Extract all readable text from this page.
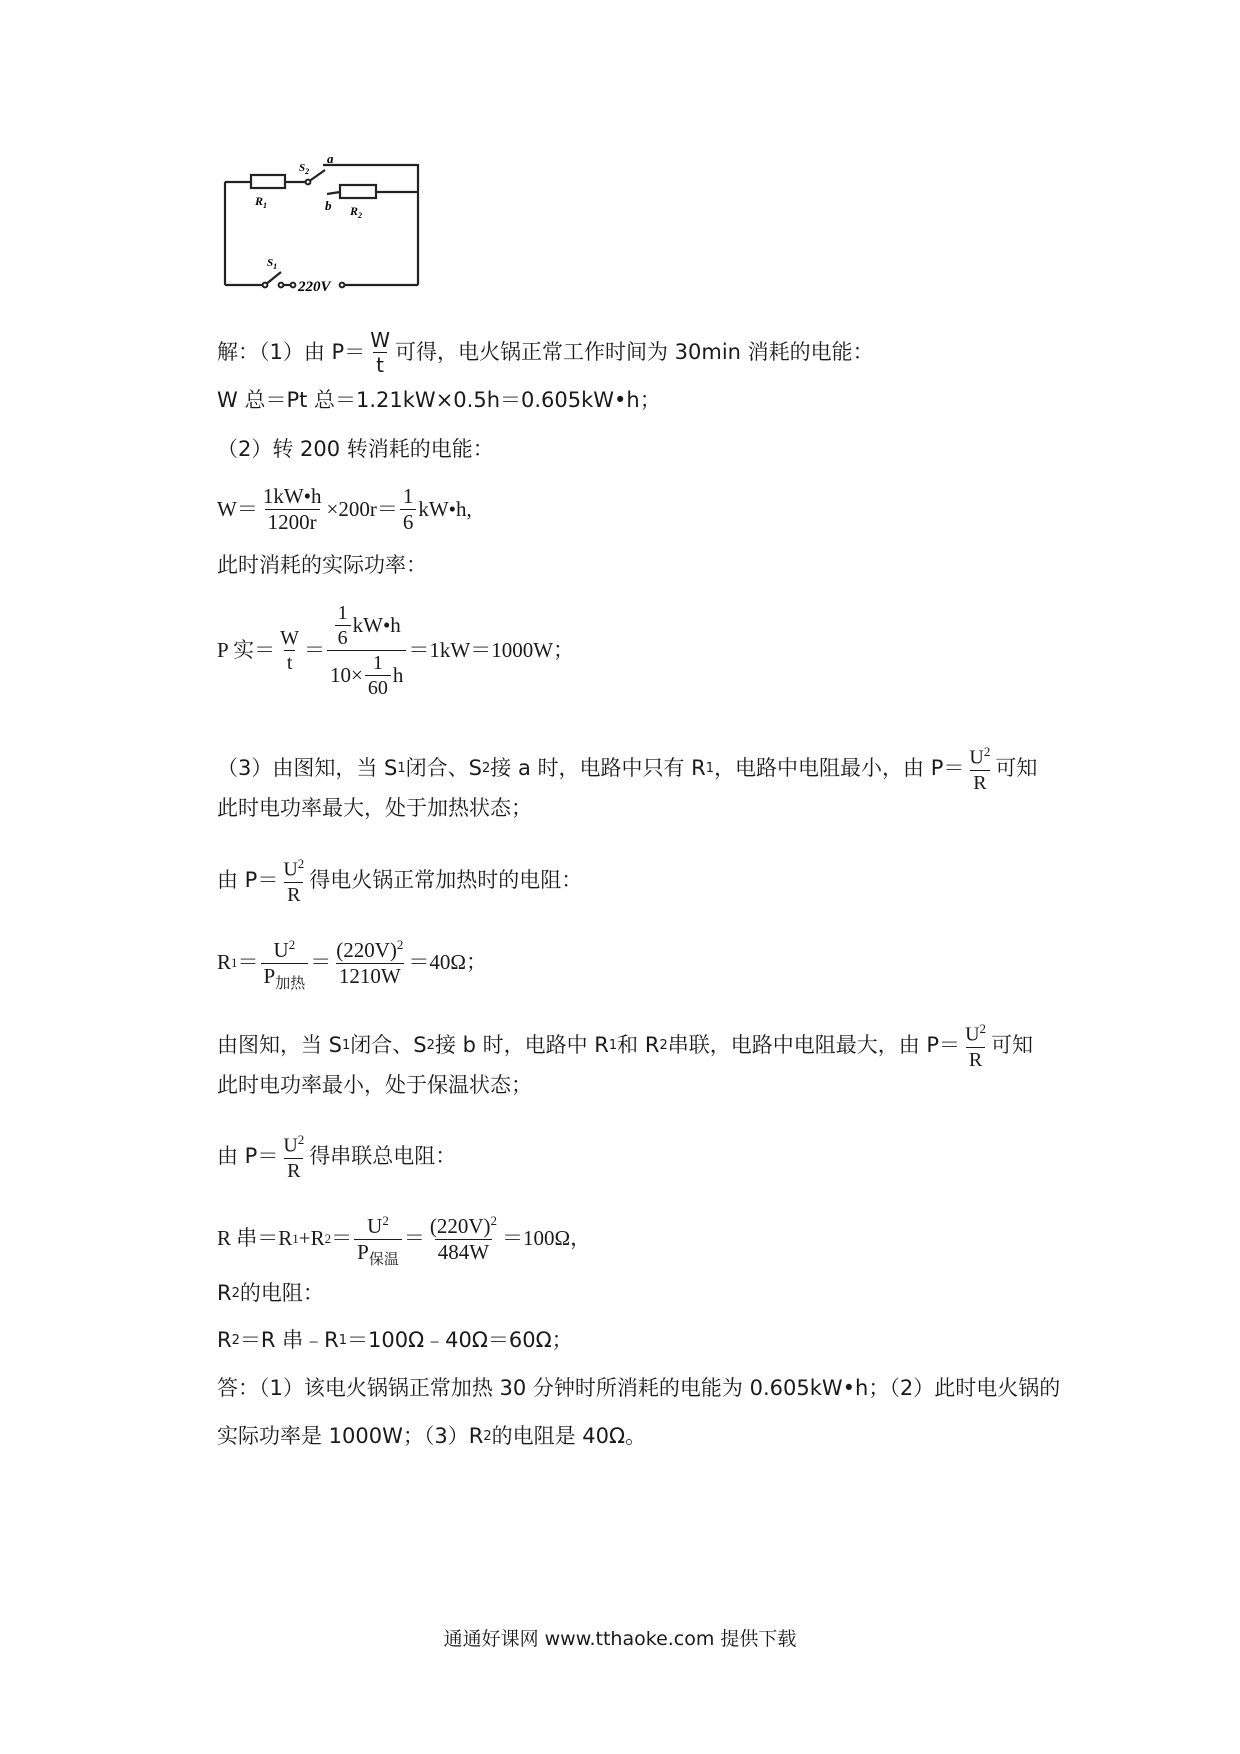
$S_2$
a
b
$R_1$	$R_2$
$S_1$
220V
解：（1）由 $P= \frac{W}{t}$ 可得，电火锅正常工作时间为 30min 消耗的电能：
W 总＝Pt 总＝1.21kW×0.5h＝0.605kW•h；
（2）转 200 转消耗的电能：
$W= \frac{1kW•h}{1200r} \times 200r= \frac{1}{6}$ kW•h,
此时消耗的实际功率：
P 实＝ $\frac{W}{t} = \frac{\frac{1}{6} kW•h}{10\times \frac{1}{60} h} =1kW=1000W$；
（3）由图知，当 S 1 闭合、S 2 接 a 时，电路中只有 R 1 ，电路中电阻最小，由 $P= \frac{U^2}{R}$ 可知
此时电功率最大，处于加热状态；
由 $P= \frac{U^2}{R}$ 得电火锅正常加热时的电阻：
R $1 = \frac{U^2}{P_{加热}} = \frac{(220V)^2}{1210W} =40\Omega$；
由图知，当 S 1 闭合、S 2 接 b 时，电路中 R 1 和 R 2 串联，电路中电阻最大，由 $P= \frac{U^2}{R}$ 可知
此时电功率最小，处于保温状态；
由 $P= \frac{U^2}{R}$ 得串联总电阻：
R 串＝R 1 +R $2 = \frac{U^2}{P_{保温}} = \frac{(220V)^2}{484W} =100\Omega$，
R 2 的电阻：
R 2 ＝R 串﹣R 1 ＝100Ω﹣40Ω＝60Ω；
答：（1）该电火锅锅正常加热 30 分钟时所消耗的电能为 0.605kW•h；（2）此时电火锅的
实际功率是 1000W；（3）R 2 的电阻是 40Ω。
通通好课网 www.tthaoke.com 提供下载
